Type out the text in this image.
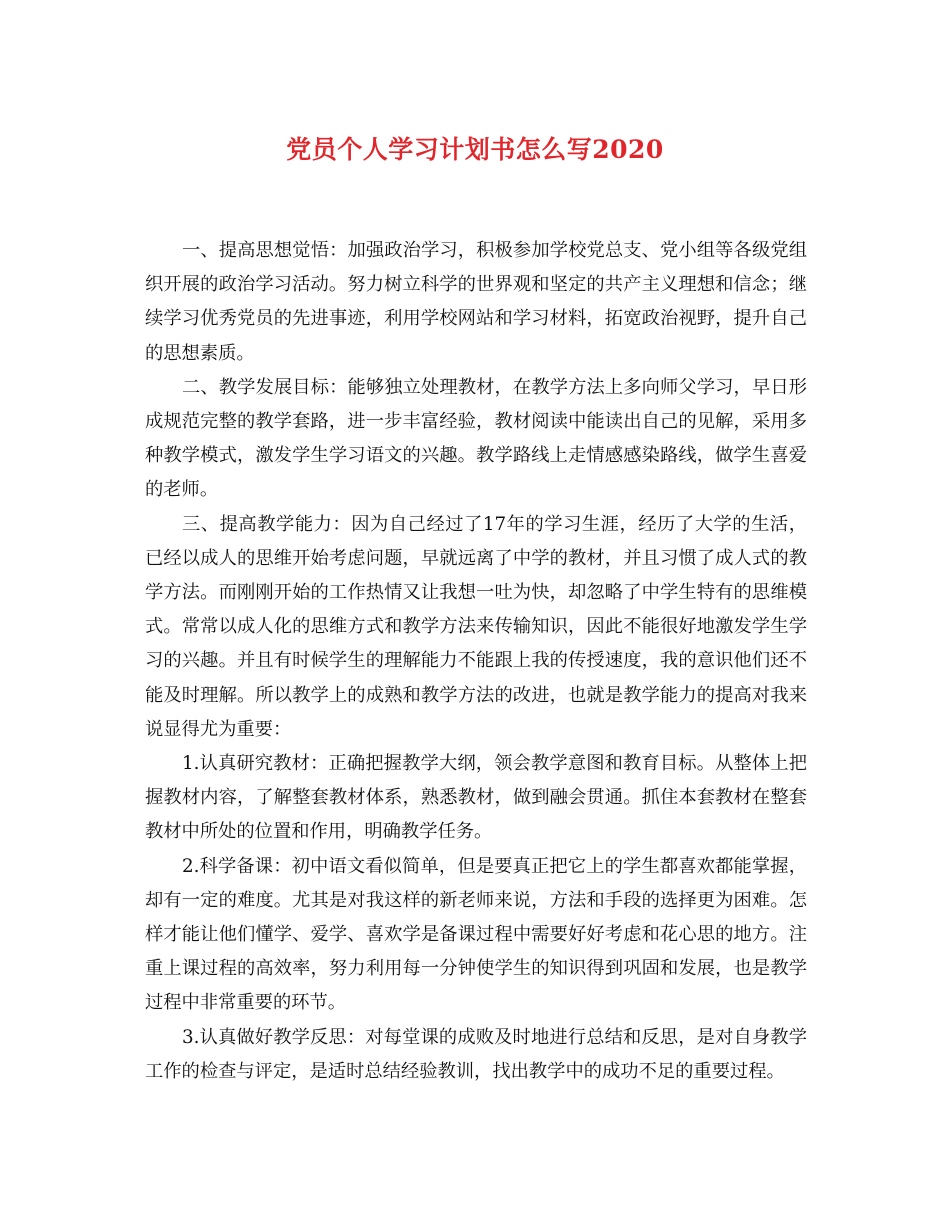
党员个人学习计划书怎么写2020

一、提高思想觉悟：加强政治学习，积极参加学校党总支、党小组等各级党组织开展的政治学习活动。努力树立科学的世界观和坚定的共产主义理想和信念；继续学习优秀党员的先进事迹，利用学校网站和学习材料，拓宽政治视野，提升自己的思想素质。

二、教学发展目标：能够独立处理教材，在教学方法上多向师父学习，早日形成规范完整的教学套路，进一步丰富经验，教材阅读中能读出自己的见解，采用多种教学模式，激发学生学习语文的兴趣。教学路线上走情感感染路线，做学生喜爱的老师。

三、提高教学能力：因为自己经过了17年的学习生涯，经历了大学的生活，已经以成人的思维开始考虑问题，早就远离了中学的教材，并且习惯了成人式的教学方法。而刚刚开始的工作热情又让我想一吐为快，却忽略了中学生特有的思维模式。常常以成人化的思维方式和教学方法来传输知识，因此不能很好地激发学生学习的兴趣。并且有时候学生的理解能力不能跟上我的传授速度，我的意识他们还不能及时理解。所以教学上的成熟和教学方法的改进，也就是教学能力的提高对我来说显得尤为重要：

1.认真研究教材：正确把握教学大纲，领会教学意图和教育目标。从整体上把握教材内容，了解整套教材体系，熟悉教材，做到融会贯通。抓住本套教材在整套教材中所处的位置和作用，明确教学任务。

2.科学备课：初中语文看似简单，但是要真正把它上的学生都喜欢都能掌握，却有一定的难度。尤其是对我这样的新老师来说，方法和手段的选择更为困难。怎样才能让他们懂学、爱学、喜欢学是备课过程中需要好好考虑和花心思的地方。注重上课过程的高效率，努力利用每一分钟使学生的知识得到巩固和发展，也是教学过程中非常重要的环节。

3.认真做好教学反思：对每堂课的成败及时地进行总结和反思，是对自身教学工作的检查与评定，是适时总结经验教训，找出教学中的成功不足的重要过程。
